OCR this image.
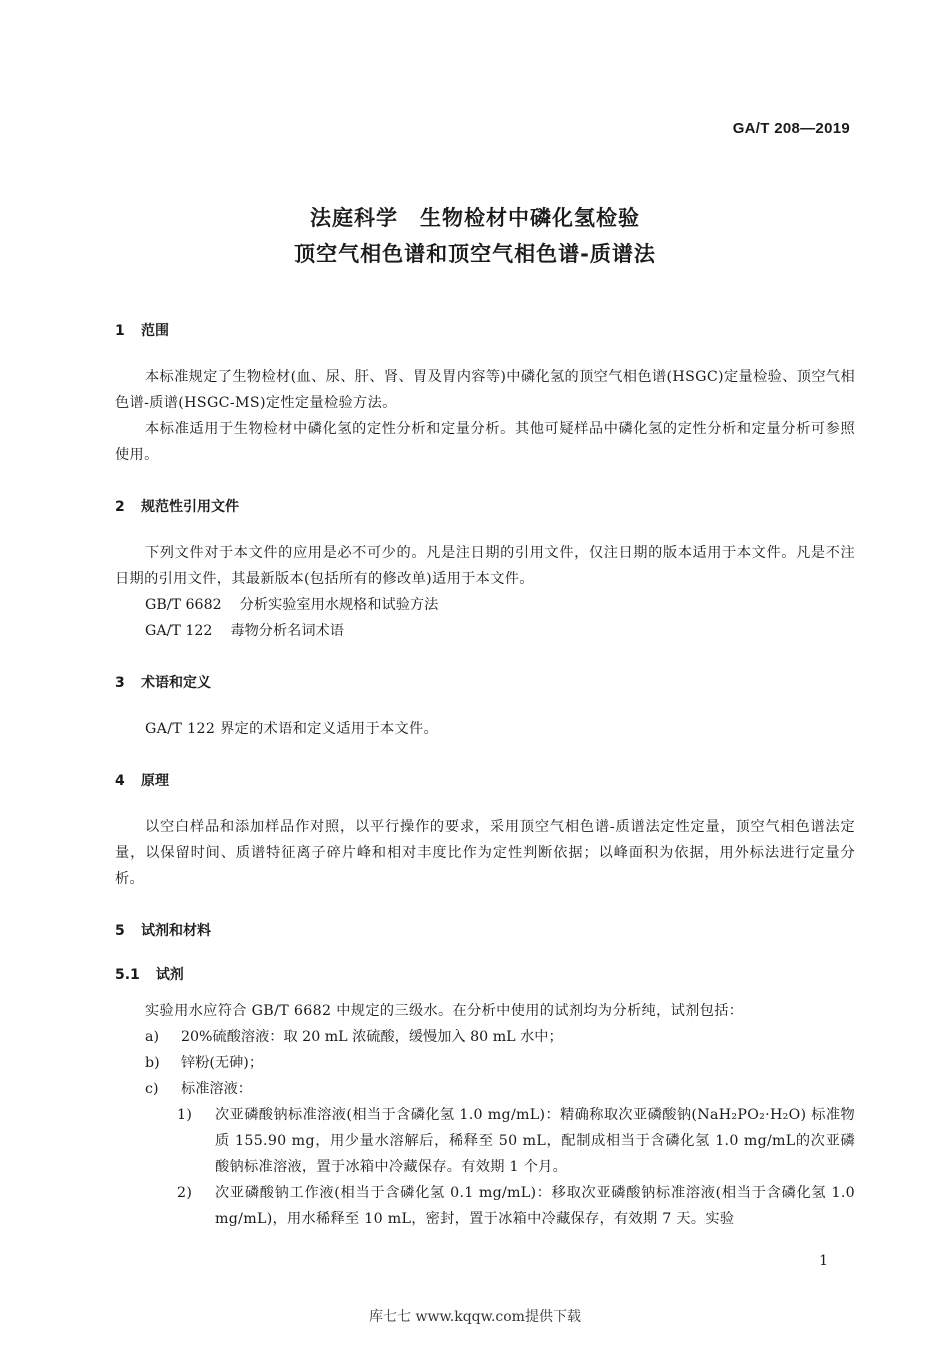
GA/T 208—2019
法庭科学　生物检材中磷化氢检验
顶空气相色谱和顶空气相色谱-质谱法
1 范围
本标准规定了生物检材(血、尿、肝、肾、胃及胃内容等)中磷化氢的顶空气相色谱(HSGC)定量检验、顶空气相色谱-质谱(HSGC-MS)定性定量检验方法。
本标准适用于生物检材中磷化氢的定性分析和定量分析。其他可疑样品中磷化氢的定性分析和定量分析可参照使用。
2 规范性引用文件
下列文件对于本文件的应用是必不可少的。凡是注日期的引用文件，仅注日期的版本适用于本文件。凡是不注日期的引用文件，其最新版本(包括所有的修改单)适用于本文件。
GB/T 6682 分析实验室用水规格和试验方法
GA/T 122 毒物分析名词术语
3 术语和定义
GA/T 122 界定的术语和定义适用于本文件。
4 原理
以空白样品和添加样品作对照，以平行操作的要求，采用顶空气相色谱-质谱法定性定量，顶空气相色谱法定量，以保留时间、质谱特征离子碎片峰和相对丰度比作为定性判断依据；以峰面积为依据，用外标法进行定量分析。
5 试剂和材料
5.1 试剂
实验用水应符合 GB/T 6682 中规定的三级水。在分析中使用的试剂均为分析纯，试剂包括：
a)	20%硫酸溶液：取 20 mL 浓硫酸，缓慢加入 80 mL 水中；
b)	锌粉(无砷)；
c)	标准溶液：
1)	次亚磷酸钠标准溶液(相当于含磷化氢 1.0 mg/mL)：精确称取次亚磷酸钠(NaH₂PO₂·H₂O) 标准物质 155.90 mg，用少量水溶解后，稀释至 50 mL，配制成相当于含磷化氢 1.0 mg/mL的次亚磷酸钠标准溶液，置于冰箱中冷藏保存。有效期 1 个月。
2)	次亚磷酸钠工作液(相当于含磷化氢 0.1 mg/mL)：移取次亚磷酸钠标准溶液(相当于含磷化氢 1.0 mg/mL)，用水稀释至 10 mL，密封，置于冰箱中冷藏保存，有效期 7 天。实验
1
库七七 www.kqqw.com提供下载
